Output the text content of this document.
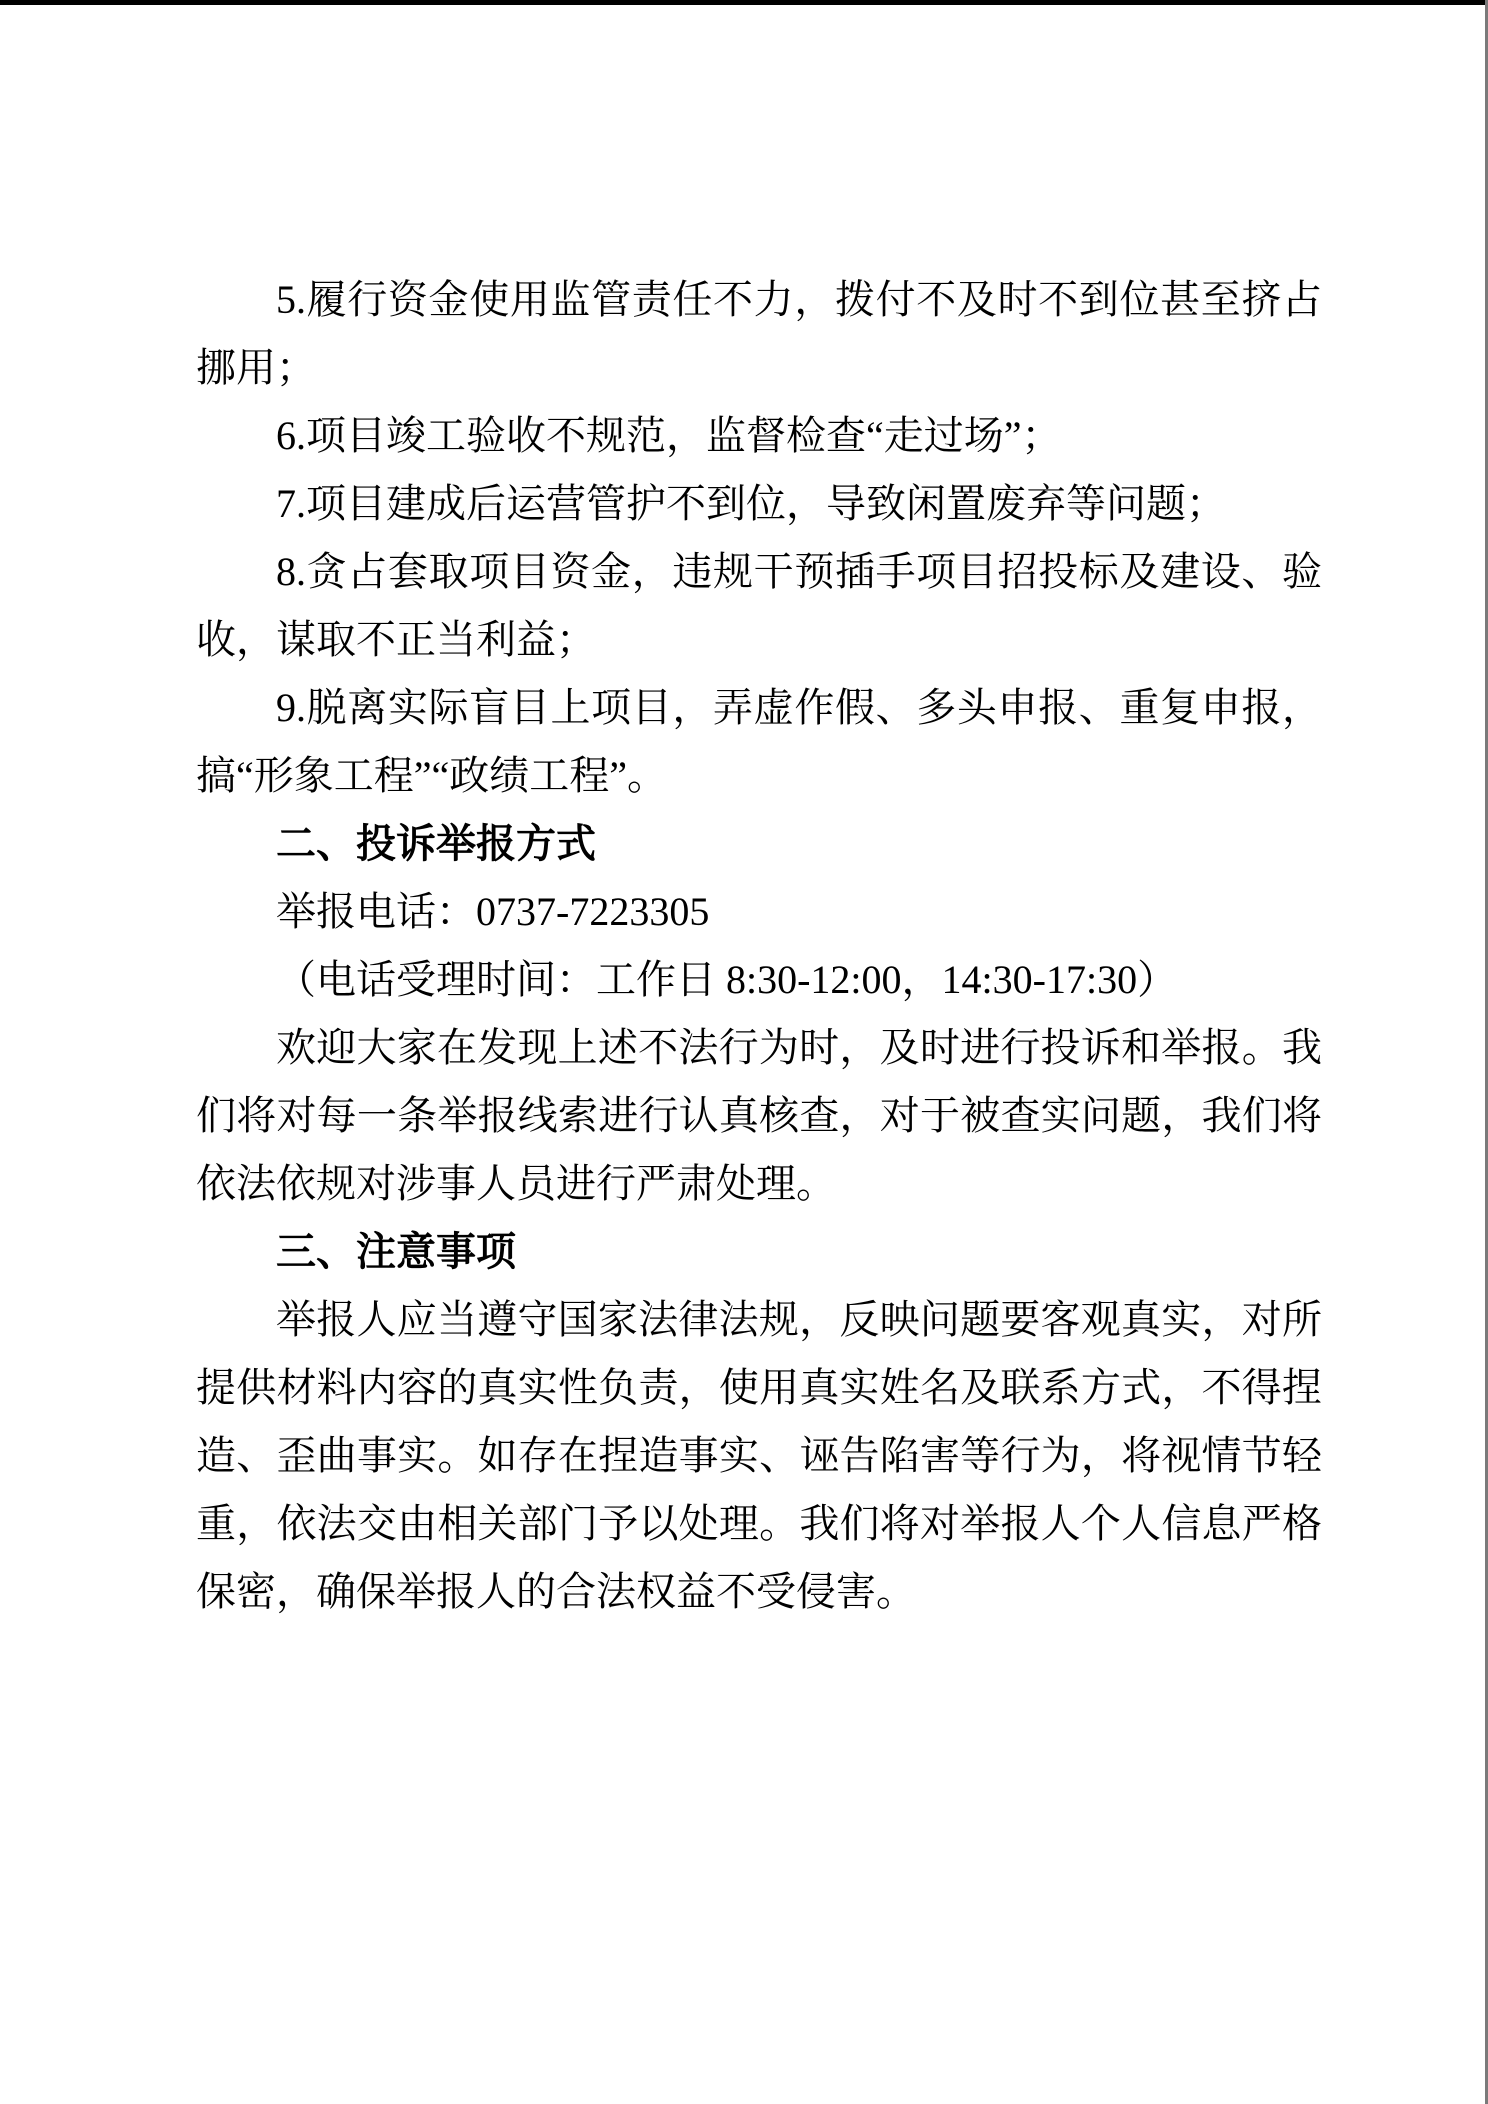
5.履行资金使用监管责任不力，拨付不及时不到位甚至挤占挪用；

6.项目竣工验收不规范，监督检查“走过场”；

7.项目建成后运营管护不到位，导致闲置废弃等问题；

8.贪占套取项目资金，违规干预插手项目招投标及建设、验收，谋取不正当利益；

9.脱离实际盲目上项目，弄虚作假、多头申报、重复申报，搞“形象工程”“政绩工程”。

二、投诉举报方式

举报电话：0737-7223305

（电话受理时间：工作日 8:30-12:00，14:30-17:30）

欢迎大家在发现上述不法行为时，及时进行投诉和举报。我们将对每一条举报线索进行认真核查，对于被查实问题，我们将依法依规对涉事人员进行严肃处理。

三、注意事项

举报人应当遵守国家法律法规，反映问题要客观真实，对所提供材料内容的真实性负责，使用真实姓名及联系方式，不得捏造、歪曲事实。如存在捏造事实、诬告陷害等行为，将视情节轻重，依法交由相关部门予以处理。我们将对举报人个人信息严格保密，确保举报人的合法权益不受侵害。
